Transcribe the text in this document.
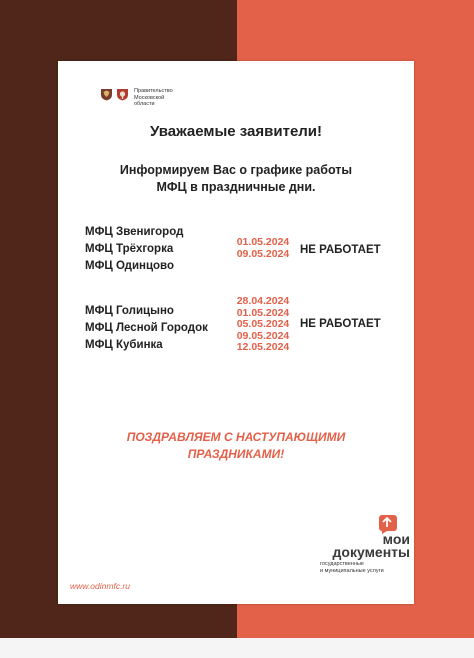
Правительство
Московской
области
Уважаемые заявители!
Информируем Вас о графике работы
МФЦ в праздничные дни.
МФЦ Звенигород
МФЦ Трёхгорка
МФЦ Одинцово
01.05.2024
09.05.2024 НЕ РАБОТАЕТ
МФЦ Голицыно
МФЦ Лесной Городок
МФЦ Кубинка
28.04.2024
01.05.2024
05.05.2024
09.05.2024
12.05.2024
НЕ РАБОТАЕТ
ПОЗДРАВЛЯЕМ С НАСТУПАЮЩИМИ
ПРАЗДНИКАМИ!
www.odinmfc.ru
мои
документы
государственные
и муниципальные услуги
